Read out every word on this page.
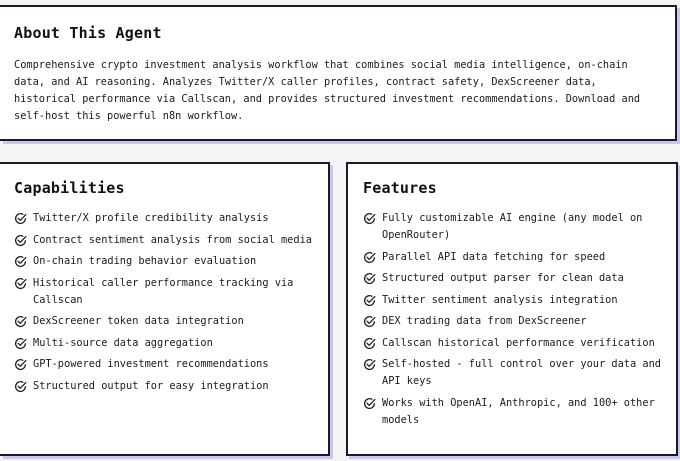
About This Agent

Comprehensive crypto investment analysis workflow that combines social media intelligence, on-chain data, and AI reasoning. Analyzes Twitter/X caller profiles, contract safety, DexScreener data, historical performance via Callscan, and provides structured investment recommendations. Download and self-host this powerful n8n workflow.

Capabilities
Twitter/X profile credibility analysis
Contract sentiment analysis from social media
On-chain trading behavior evaluation
Historical caller performance tracking via Callscan
DexScreener token data integration
Multi-source data aggregation
GPT-powered investment recommendations
Structured output for easy integration
Features
Fully customizable AI engine (any model on OpenRouter)
Parallel API data fetching for speed
Structured output parser for clean data
Twitter sentiment analysis integration
DEX trading data from DexScreener
Callscan historical performance verification
Self-hosted - full control over your data and API keys
Works with OpenAI, Anthropic, and 100+ other models
